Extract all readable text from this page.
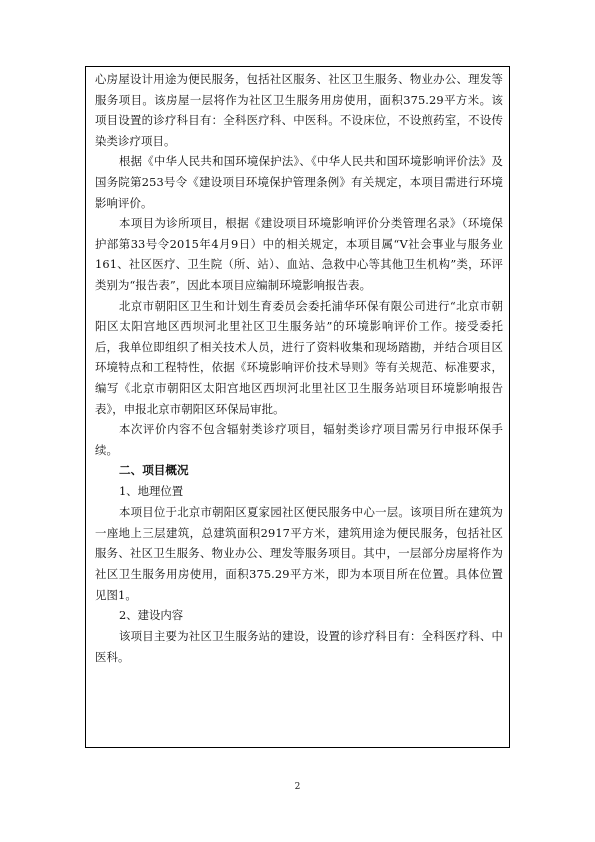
心房屋设计用途为便民服务，包括社区服务、社区卫生服务、物业办公、理发等服务项目。该房屋一层将作为社区卫生服务用房使用，面积375.29平方米。该项目设置的诊疗科目有：全科医疗科、中医科。不设床位，不设煎药室，不设传染类诊疗项目。

根据《中华人民共和国环境保护法》、《中华人民共和国环境影响评价法》及国务院第253号令《建设项目环境保护管理条例》有关规定，本项目需进行环境影响评价。

本项目为诊所项目，根据《建设项目环境影响评价分类管理名录》（环境保护部第33号令2015年4月9日）中的相关规定，本项目属“V社会事业与服务业161、社区医疗、卫生院（所、站）、血站、急救中心等其他卫生机构”类，环评类别为“报告表”，因此本项目应编制环境影响报告表。

北京市朝阳区卫生和计划生育委员会委托浦华环保有限公司进行“北京市朝阳区太阳宫地区西坝河北里社区卫生服务站”的环境影响评价工作。接受委托后，我单位即组织了相关技术人员，进行了资料收集和现场踏勘，并结合项目区环境特点和工程特性，依据《环境影响评价技术导则》等有关规范、标准要求，编写《北京市朝阳区太阳宫地区西坝河北里社区卫生服务站项目环境影响报告表》，申报北京市朝阳区环保局审批。

本次评价内容不包含辐射类诊疗项目，辐射类诊疗项目需另行申报环保手续。

二、项目概况

1、地理位置

本项目位于北京市朝阳区夏家园社区便民服务中心一层。该项目所在建筑为一座地上三层建筑，总建筑面积2917平方米，建筑用途为便民服务，包括社区服务、社区卫生服务、物业办公、理发等服务项目。其中，一层部分房屋将作为社区卫生服务用房使用，面积375.29平方米，即为本项目所在位置。具体位置见图1。

2、建设内容

该项目主要为社区卫生服务站的建设，设置的诊疗科目有：全科医疗科、中医科。

2
